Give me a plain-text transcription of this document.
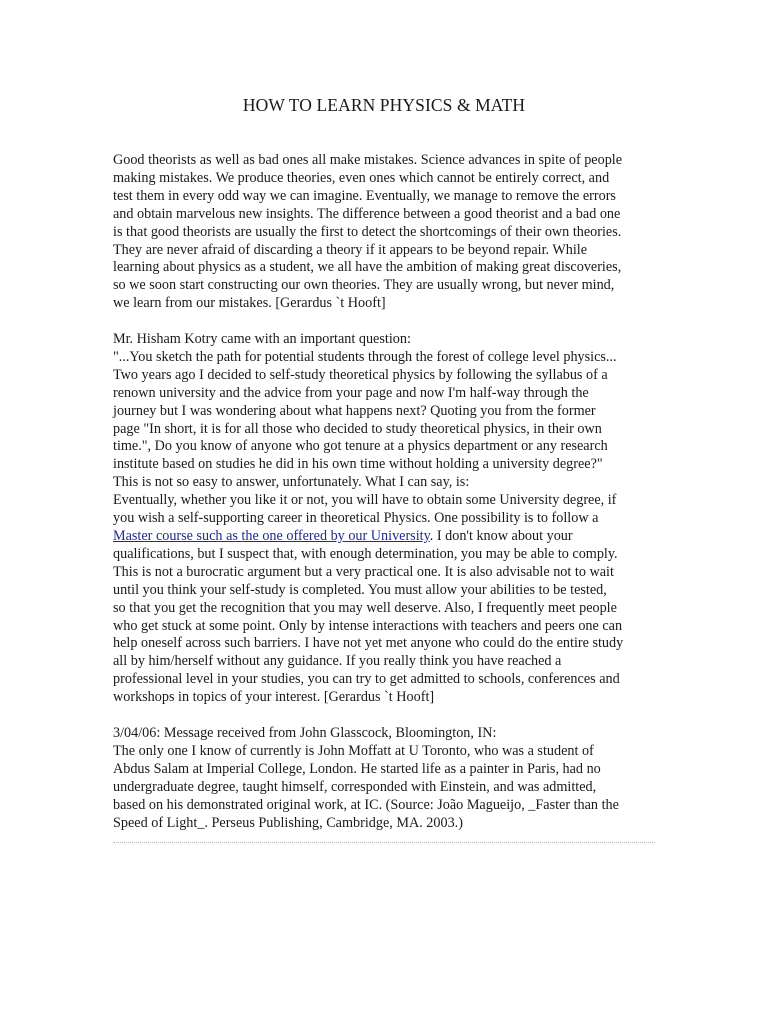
HOW TO LEARN PHYSICS & MATH
Good theorists as well as bad ones all make mistakes. Science advances in spite of people
making mistakes. We produce theories, even ones which cannot be entirely correct, and
test them in every odd way we can imagine. Eventually, we manage to remove the errors
and obtain marvelous new insights. The difference between a good theorist and a bad one
is that good theorists are usually the first to detect the shortcomings of their own theories.
They are never afraid of discarding a theory if it appears to be beyond repair. While
learning about physics as a student, we all have the ambition of making great discoveries,
so we soon start constructing our own theories. They are usually wrong, but never mind,
we learn from our mistakes. [Gerardus `t Hooft]
Mr. Hisham Kotry came with an important question:
"...You sketch the path for potential students through the forest of college level physics...
Two years ago I decided to self-study theoretical physics by following the syllabus of a
renown university and the advice from your page and now I'm half-way through the
journey but I was wondering about what happens next? Quoting you from the former
page "In short, it is for all those who decided to study theoretical physics, in their own
time.", Do you know of anyone who got tenure at a physics department or any research
institute based on studies he did in his own time without holding a university degree?"
This is not so easy to answer, unfortunately. What I can say, is:
Eventually, whether you like it or not, you will have to obtain some University degree, if
you wish a self-supporting career in theoretical Physics. One possibility is to follow a
Master course such as the one offered by our University. I don't know about your
qualifications, but I suspect that, with enough determination, you may be able to comply.
This is not a burocratic argument but a very practical one. It is also advisable not to wait
until you think your self-study is completed. You must allow your abilities to be tested,
so that you get the recognition that you may well deserve. Also, I frequently meet people
who get stuck at some point. Only by intense interactions with teachers and peers one can
help oneself across such barriers. I have not yet met anyone who could do the entire study
all by him/herself without any guidance. If you really think you have reached a
professional level in your studies, you can try to get admitted to schools, conferences and
workshops in topics of your interest. [Gerardus `t Hooft]
3/04/06: Message received from John Glasscock, Bloomington, IN:
The only one I know of currently is John Moffatt at U Toronto, who was a student of
Abdus Salam at Imperial College, London. He started life as a painter in Paris, had no
undergraduate degree, taught himself, corresponded with Einstein, and was admitted,
based on his demonstrated original work, at IC. (Source: João Magueijo, _Faster than the
Speed of Light_. Perseus Publishing, Cambridge, MA. 2003.)
